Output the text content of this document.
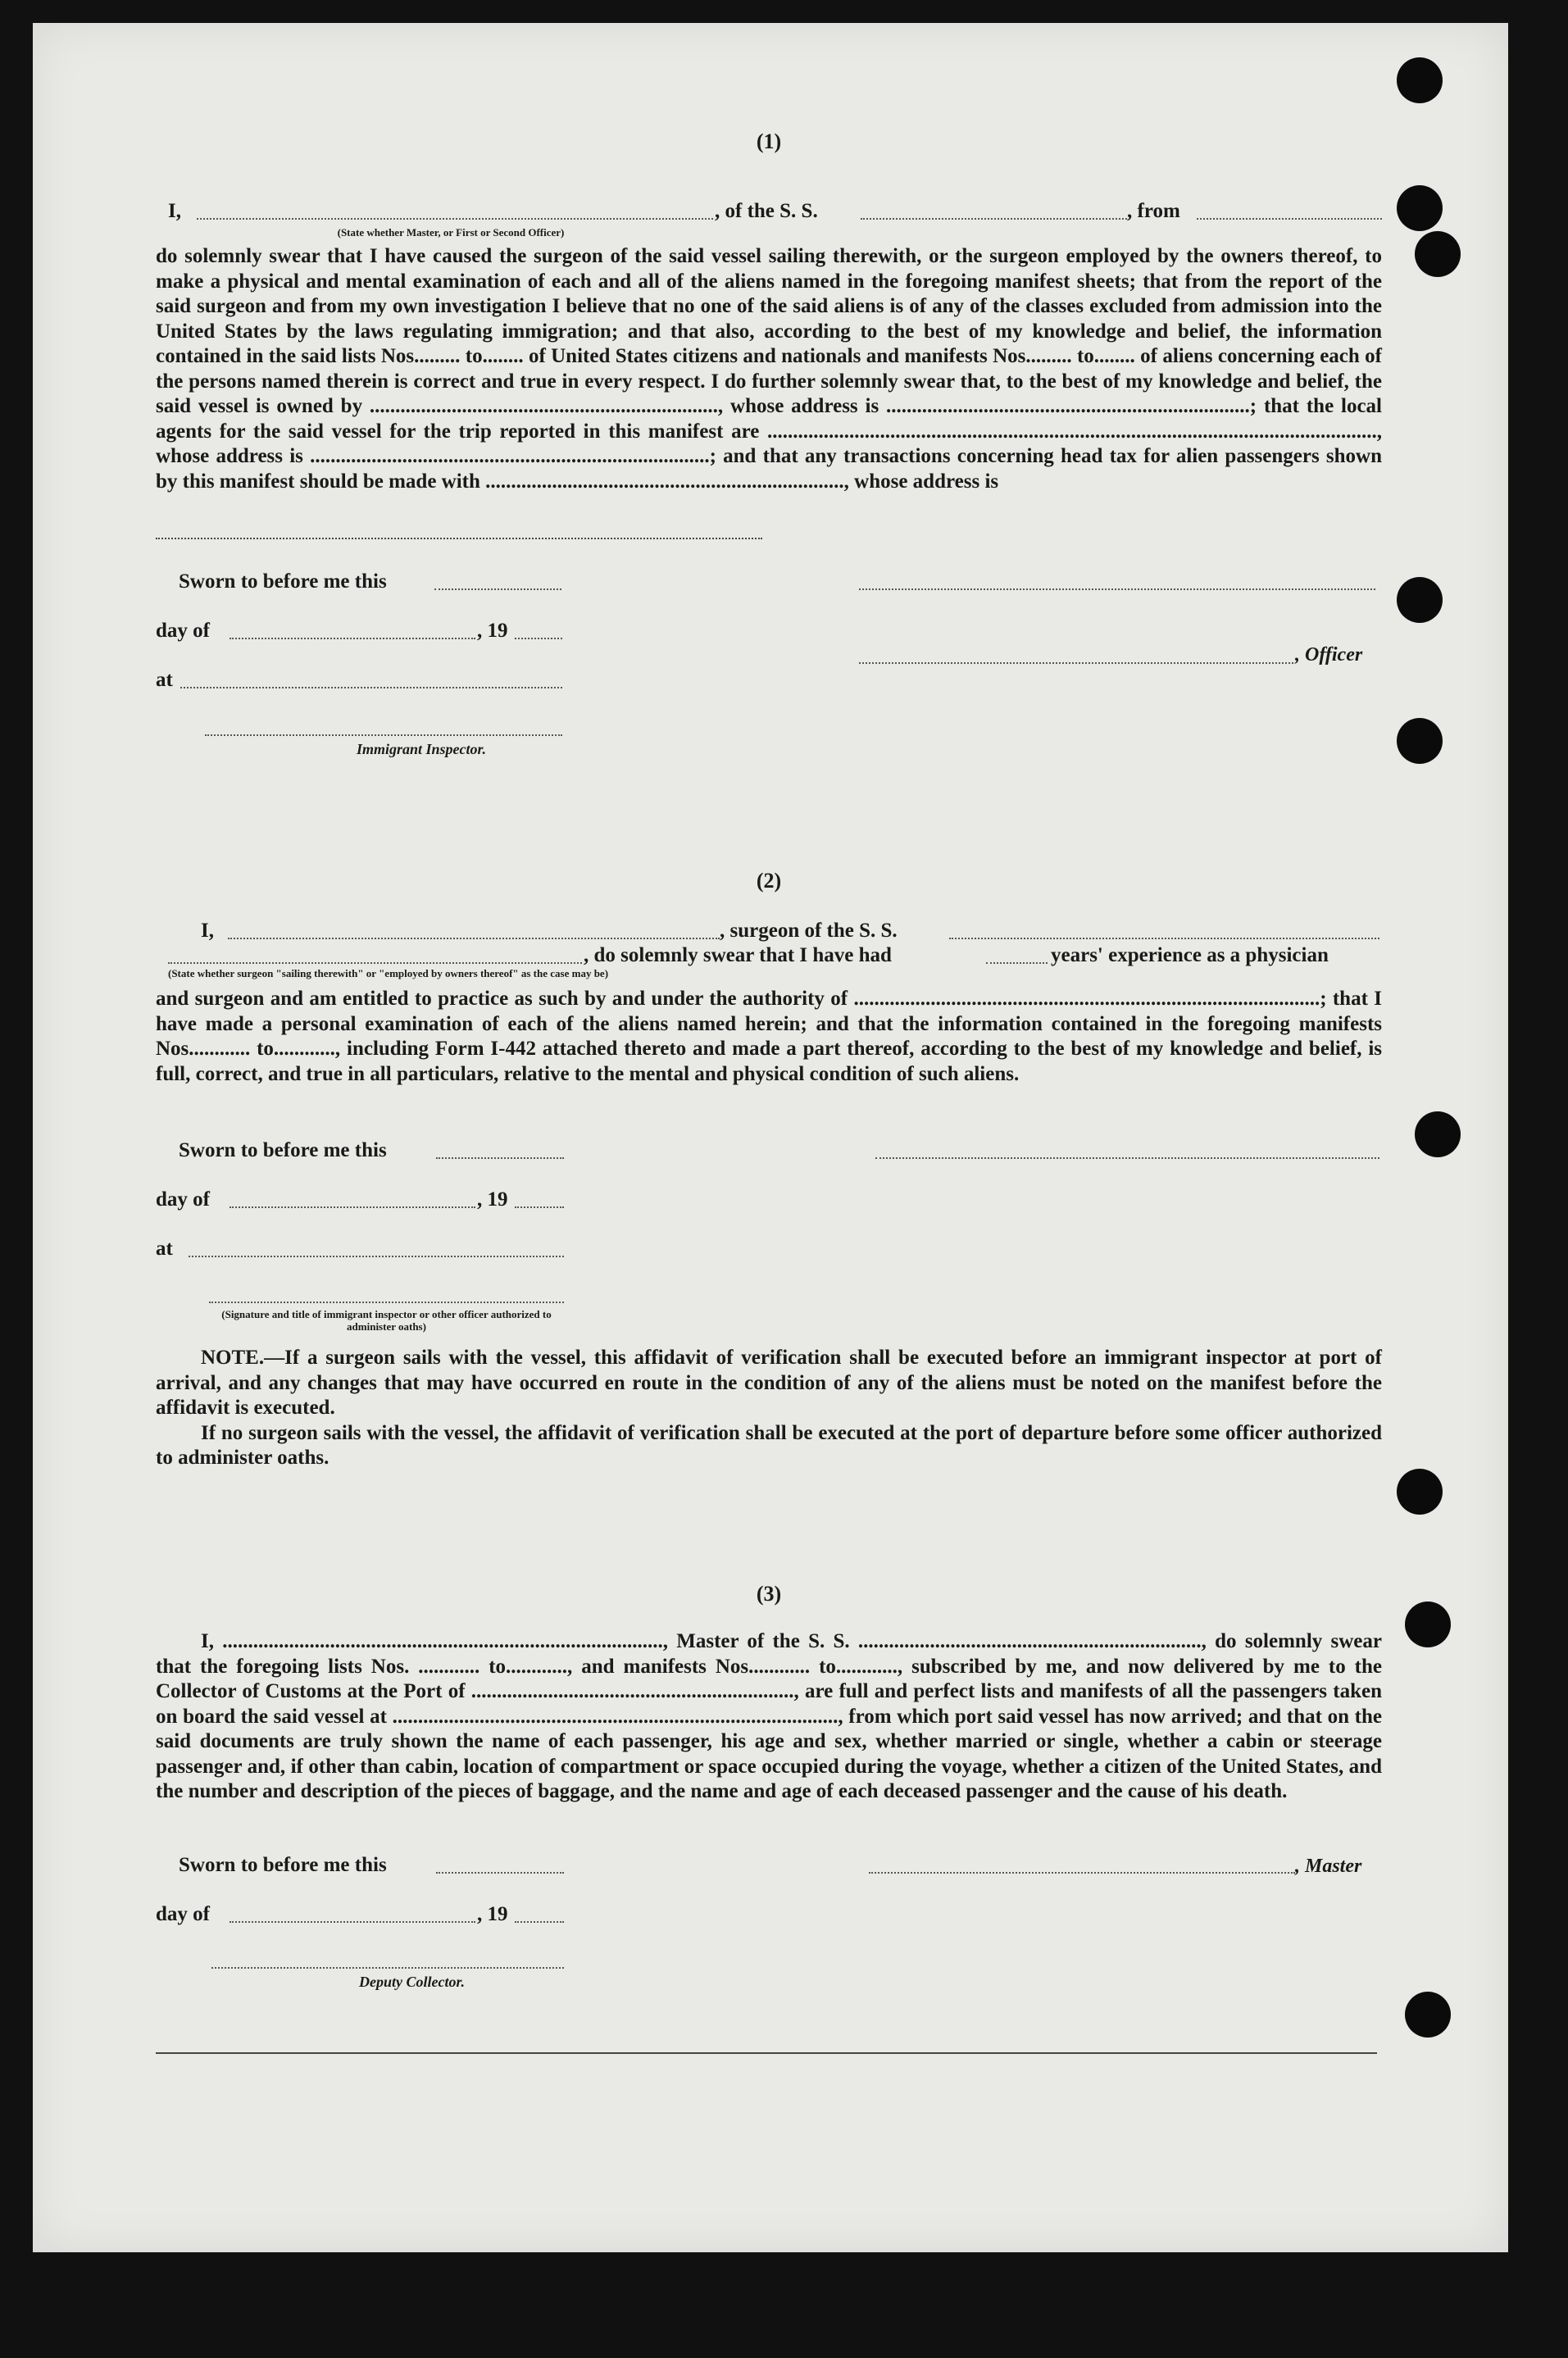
(1)
I,	, of the S. S.	, from
(State whether Master, or First or Second Officer)
do solemnly swear that I have caused the surgeon of the said vessel sailing therewith, or the surgeon employed by the owners thereof, to make a physical and mental examination of each and all of the aliens named in the foregoing manifest sheets; that from the report of the said surgeon and from my own investigation I believe that no one of the said aliens is of any of the classes excluded from admission into the United States by the laws regulating immigration; and that also, according to the best of my knowledge and belief, the information contained in the said lists Nos......... to........ of United States citizens and nationals and manifests Nos......... to........ of aliens concerning each of the persons named therein is correct and true in every respect. I do further solemnly swear that, to the best of my knowledge and belief, the said vessel is owned by ...................................................................., whose address is .......................................................................; that the local agents for the said vessel for the trip reported in this manifest are ......................................................................................................................., whose address is ..............................................................................; and that any transactions concerning head tax for alien passengers shown by this manifest should be made with ......................................................................, whose address is
Sworn to before me this
day of	, 19
at
Immigrant Inspector.
, Officer
(2)
I,	, surgeon of the S. S.
, do solemnly swear that I have had	years' experience as a physician
(State whether surgeon "sailing therewith" or "employed by owners thereof" as the case may be)
and surgeon and am entitled to practice as such by and under the authority of ...........................................................................................; that I have made a personal examination of each of the aliens named herein; and that the information contained in the foregoing manifests Nos............ to............, including Form I-442 attached thereto and made a part thereof, according to the best of my knowledge and belief, is full, correct, and true in all particulars, relative to the mental and physical condition of such aliens.
Sworn to before me this
day of	, 19
at
(Signature and title of immigrant inspector or other officer authorized to administer oaths)
NOTE.—If a surgeon sails with the vessel, this affidavit of verification shall be executed before an immigrant inspector at port of arrival, and any changes that may have occurred en route in the condition of any of the aliens must be noted on the manifest before the affidavit is executed.
If no surgeon sails with the vessel, the affidavit of verification shall be executed at the port of departure before some officer authorized to administer oaths.
(3)
I, ......................................................................................, Master of the S. S. ..................................................................., do solemnly swear that the foregoing lists Nos. ............ to............, and manifests Nos............ to............, subscribed by me, and now delivered by me to the Collector of Customs at the Port of ..............................................................., are full and perfect lists and manifests of all the passengers taken on board the said vessel at ......................................................................................., from which port said vessel has now arrived; and that on the said documents are truly shown the name of each passenger, his age and sex, whether married or single, whether a cabin or steerage passenger and, if other than cabin, location of compartment or space occupied during the voyage, whether a citizen of the United States, and the number and description of the pieces of baggage, and the name and age of each deceased passenger and the cause of his death.
Sworn to before me this	, Master
day of	, 19
Deputy Collector.
